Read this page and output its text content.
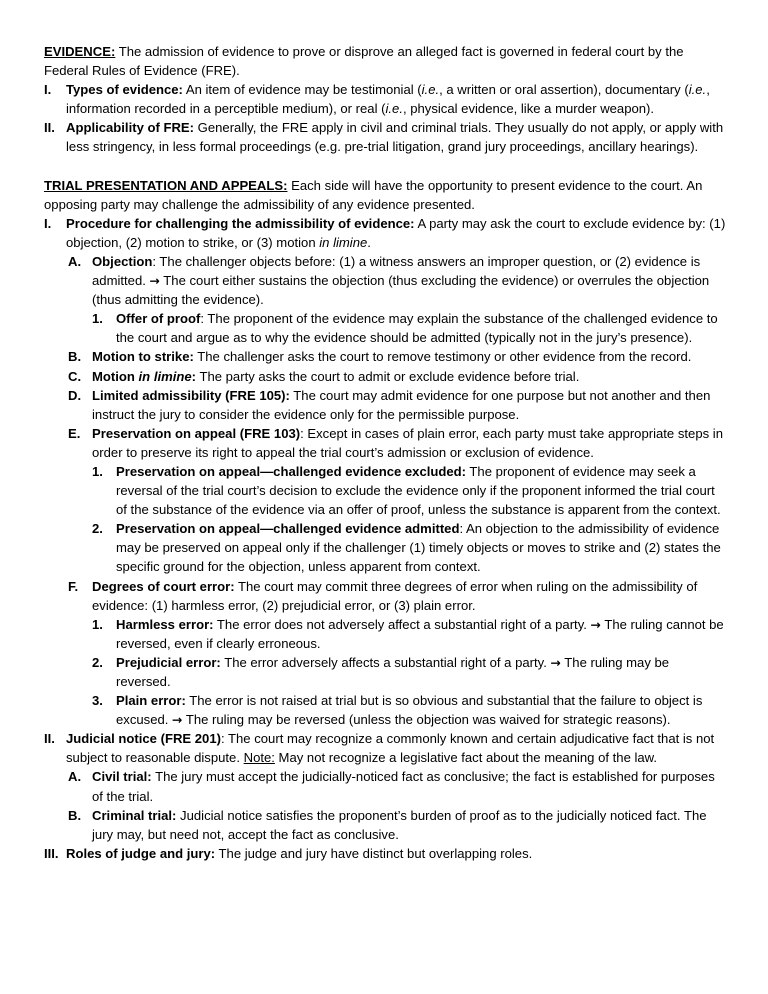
EVIDENCE: The admission of evidence to prove or disprove an alleged fact is governed in federal court by the Federal Rules of Evidence (FRE).
I.	Types of evidence: An item of evidence may be testimonial (i.e., a written or oral assertion), documentary (i.e., information recorded in a perceptible medium), or real (i.e., physical evidence, like a murder weapon).
II. Applicability of FRE: Generally, the FRE apply in civil and criminal trials. They usually do not apply, or apply with less stringency, in less formal proceedings (e.g. pre-trial litigation, grand jury proceedings, ancillary hearings).
TRIAL PRESENTATION AND APPEALS: Each side will have the opportunity to present evidence to the court. An opposing party may challenge the admissibility of any evidence presented.
I.	Procedure for challenging the admissibility of evidence: A party may ask the court to exclude evidence by: (1) objection, (2) motion to strike, or (3) motion in limine.
A. Objection: The challenger objects before: (1) a witness answers an improper question, or (2) evidence is admitted. → The court either sustains the objection (thus excluding the evidence) or overrules the objection (thus admitting the evidence).
1. Offer of proof: The proponent of the evidence may explain the substance of the challenged evidence to the court and argue as to why the evidence should be admitted (typically not in the jury’s presence).
B. Motion to strike: The challenger asks the court to remove testimony or other evidence from the record.
C. Motion in limine: The party asks the court to admit or exclude evidence before trial.
D. Limited admissibility (FRE 105): The court may admit evidence for one purpose but not another and then instruct the jury to consider the evidence only for the permissible purpose.
E. Preservation on appeal (FRE 103): Except in cases of plain error, each party must take appropriate steps in order to preserve its right to appeal the trial court’s admission or exclusion of evidence.
1. Preservation on appeal—challenged evidence excluded: The proponent of evidence may seek a reversal of the trial court’s decision to exclude the evidence only if the proponent informed the trial court of the substance of the evidence via an offer of proof, unless the substance is apparent from the context.
2. Preservation on appeal—challenged evidence admitted: An objection to the admissibility of evidence may be preserved on appeal only if the challenger (1) timely objects or moves to strike and (2) states the specific ground for the objection, unless apparent from context.
F.	Degrees of court error: The court may commit three degrees of error when ruling on the admissibility of evidence: (1) harmless error, (2) prejudicial error, or (3) plain error.
1. Harmless error: The error does not adversely affect a substantial right of a party. → The ruling cannot be reversed, even if clearly erroneous.
2. Prejudicial error: The error adversely affects a substantial right of a party. → The ruling may be reversed.
3. Plain error: The error is not raised at trial but is so obvious and substantial that the failure to object is excused. → The ruling may be reversed (unless the objection was waived for strategic reasons).
II. Judicial notice (FRE 201): The court may recognize a commonly known and certain adjudicative fact that is not subject to reasonable dispute. Note: May not recognize a legislative fact about the meaning of the law.
A. Civil trial: The jury must accept the judicially-noticed fact as conclusive; the fact is established for purposes of the trial.
B. Criminal trial: Judicial notice satisfies the proponent’s burden of proof as to the judicially noticed fact. The jury may, but need not, accept the fact as conclusive.
III. Roles of judge and jury: The judge and jury have distinct but overlapping roles.
